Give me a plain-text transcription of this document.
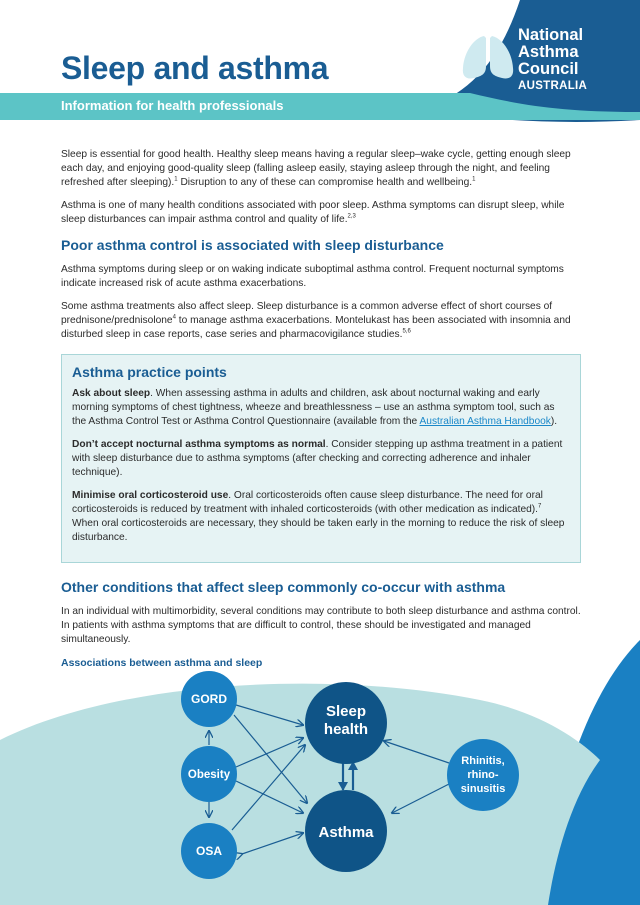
Sleep and asthma

Information for health professionals

National
Asthma
Council
AUSTRALIA

Sleep is essential for good health. Healthy sleep means having a regular sleep–wake cycle, getting enough sleep each day, and enjoying good-quality sleep (falling asleep easily, staying asleep through the night, and feeling refreshed after sleeping).$^1$ Disruption to any of these can compromise health and wellbeing.$^1$

Asthma is one of many health conditions associated with poor sleep. Asthma symptoms can disrupt sleep, while sleep disturbances can impair asthma control and quality of life.$^{2,3}$

Poor asthma control is associated with sleep disturbance

Asthma symptoms during sleep or on waking indicate suboptimal asthma control. Frequent nocturnal symptoms indicate increased risk of acute asthma exacerbations.

Some asthma treatments also affect sleep. Sleep disturbance is a common adverse effect of short courses of prednisone/prednisolone$^4$ to manage asthma exacerbations. Montelukast has been associated with insomnia and disturbed sleep in case reports, case series and pharmacovigilance studies.$^{5,6}$

Asthma practice points

Ask about sleep. When assessing asthma in adults and children, ask about nocturnal waking and early morning symptoms of chest tightness, wheeze and breathlessness – use an asthma symptom tool, such as the Asthma Control Test or Asthma Control Questionnaire (available from the Australian Asthma Handbook).

Don’t accept nocturnal asthma symptoms as normal. Consider stepping up asthma treatment in a patient with sleep disturbance due to asthma symptoms (after checking and correcting adherence and inhaler technique).

Minimise oral corticosteroid use. Oral corticosteroids often cause sleep disturbance. The need for oral corticosteroids is reduced by treatment with inhaled corticosteroids (with other medication as indicated).$^7$ When oral corticosteroids are necessary, they should be taken early in the morning to reduce the risk of sleep disturbance.

Other conditions that affect sleep commonly co-occur with asthma

In an individual with multimorbidity, several conditions may contribute to both sleep disturbance and asthma control. In patients with asthma symptoms that are difficult to control, these should be investigated and managed simultaneously.

Associations between asthma and sleep

GORD
Obesity
OSA
Sleep
health
Asthma
Rhinitis,
rhino-
sinusitis
